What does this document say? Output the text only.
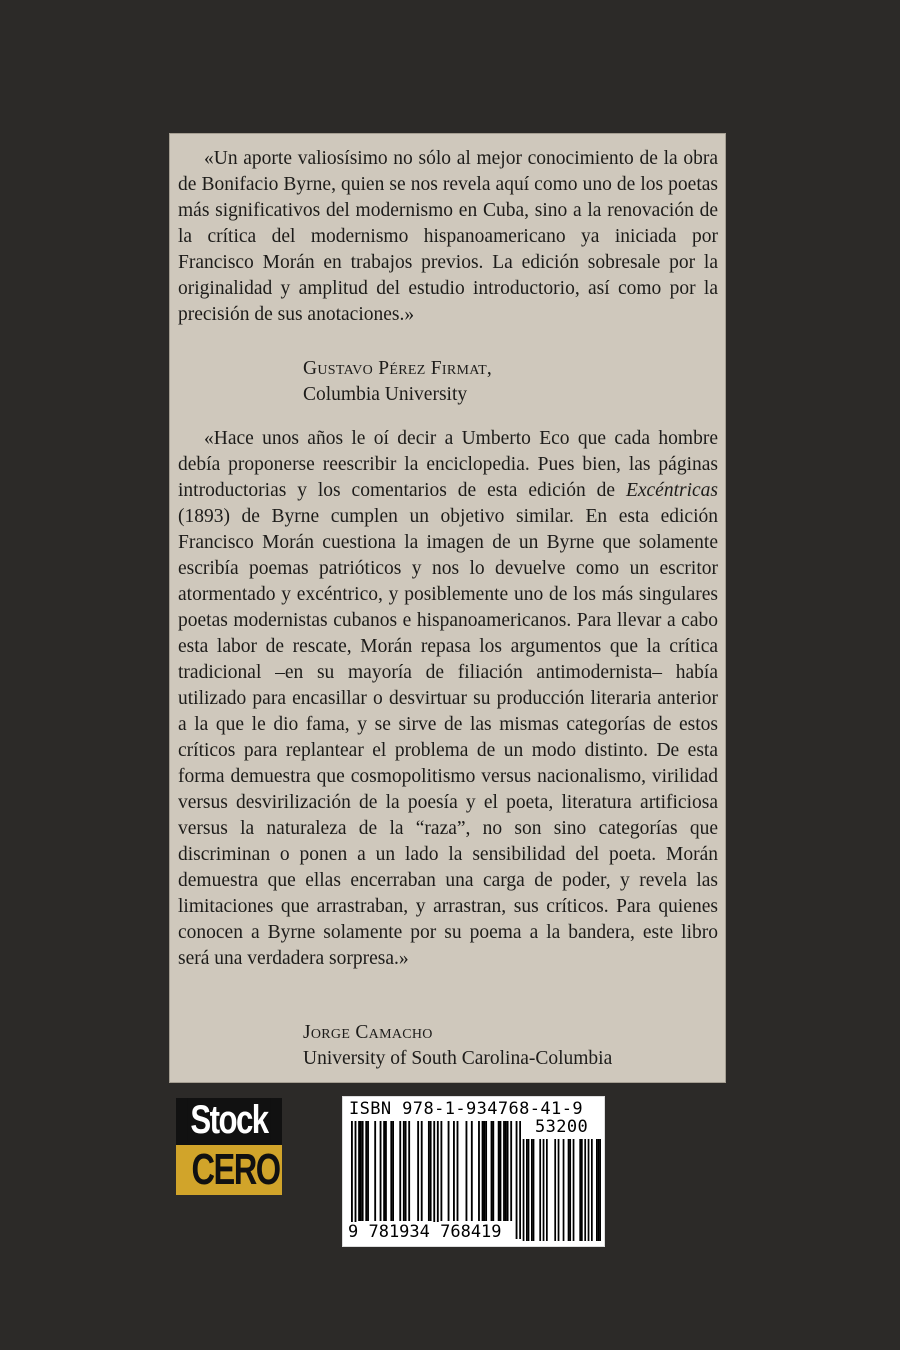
«Un aporte valiosísimo no sólo al mejor conocimiento de la obra de Bonifacio Byrne, quien se nos revela aquí como uno de los poetas más significativos del modernismo en Cuba, sino a la renovación de la crítica del modernismo hispanoamericano ya iniciada por Francisco Morán en trabajos previos. La edición sobresale por la originalidad y amplitud del estudio introductorio, así como por la precisión de sus anotaciones.»

Gustavo Pérez Firmat,
Columbia University

«Hace unos años le oí decir a Umberto Eco que cada hombre debía proponerse reescribir la enciclopedia. Pues bien, las páginas introductorias y los comentarios de esta edición de Excéntricas (1893) de Byrne cumplen un objetivo similar. En esta edición Francisco Morán cuestiona la imagen de un Byrne que solamente escribía poemas patrióticos y nos lo devuelve como un escritor atormentado y excéntrico, y posiblemente uno de los más singulares poetas modernistas cubanos e hispanoamericanos. Para llevar a cabo esta labor de rescate, Morán repasa los argumentos que la crítica tradicional –en su mayoría de filiación antimodernista– había utilizado para encasillar o desvirtuar su producción literaria anterior a la que le dio fama, y se sirve de las mismas categorías de estos críticos para replantear el problema de un modo distinto. De esta forma demuestra que cosmopolitismo versus nacionalismo, virilidad versus desvirilización de la poesía y el poeta, literatura artificiosa versus la naturaleza de la “raza”, no son sino categorías que discriminan o ponen a un lado la sensibilidad del poeta. Morán demuestra que ellas encerraban una carga de poder, y revela las limitaciones que arrastraban, y arrastran, sus críticos. Para quienes conocen a Byrne solamente por su poema a la bandera, este libro será una verdadera sorpresa.»

Jorge Camacho
University of South Carolina-Columbia
Stock
CERO
ISBN 978-1-934768-41-9
53200
9 781934 768419
